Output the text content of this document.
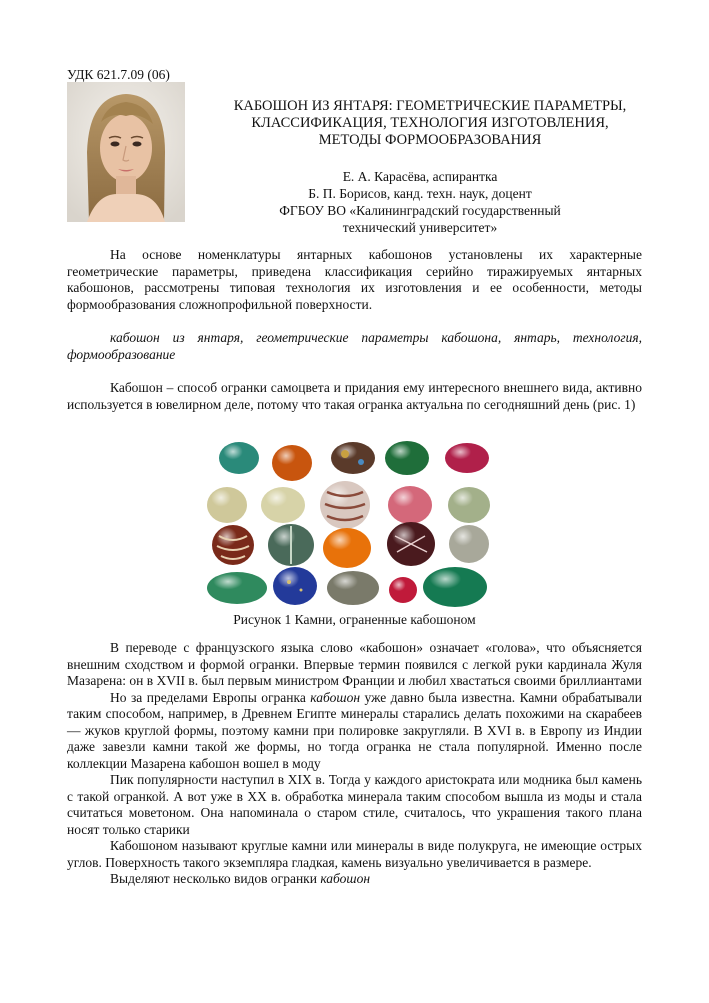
УДК 621.7.09 (06)
КАБОШОН ИЗ ЯНТАРЯ: ГЕОМЕТРИЧЕСКИЕ ПАРАМЕТРЫ,
КЛАССИФИКАЦИЯ, ТЕХНОЛОГИЯ ИЗГОТОВЛЕНИЯ,
МЕТОДЫ ФОРМООБРАЗОВАНИЯ
Е. А. Карасёва, аспирантка
Б. П. Борисов, канд. техн. наук, доцент
ФГБОУ ВО «Калининградский государственный
технический университет»
На основе номенклатуры янтарных кабошонов установлены их характерные геометрические параметры, приведена классификация серийно тиражируемых янтарных кабошонов, рассмотрены типовая технология их изготовления и ее особенности, методы формообразования сложнопрофильной поверхности.
кабошон из янтаря, геометрические параметры кабошона, янтарь, технология, формообразование
Кабошон – способ огранки самоцвета и придания ему интересного внешнего вида, активно используется в ювелирном деле, потому что такая огранка актуальна по сегодняшний день (рис. 1)
Рисунок 1 Камни, ограненные кабошоном

В переводе с французского языка слово «кабошон» означает «голова», что объясняется внешним сходством и формой огранки. Впервые термин появился с легкой руки кардинала Жуля Мазарена: он в XVII в. был первым министром Франции и любил хвастаться своими бриллиантами

Но за пределами Европы огранка кабошон уже давно была известна. Камни обрабатывали таким способом, например, в Древнем Египте минералы старались делать похожими на скарабеев — жуков круглой формы, поэтому камни при полировке закругляли. В XVI в. в Европу из Индии даже завезли камни такой же формы, но тогда огранка не стала популярной. Именно после коллекции Мазарена кабошон вошел в моду

Пик популярности наступил в XIX в. Тогда у каждого аристократа или модника был камень с такой огранкой. А вот уже в XX в. обработка минерала таким способом вышла из моды и стала считаться моветоном. Она напоминала о старом стиле, считалось, что украшения такого плана носят только старики

Кабошоном называют круглые камни или минералы в виде полукруга, не имеющие острых углов. Поверхность такого экземпляра гладкая, камень визуально увеличивается в размере.

Выделяют несколько видов огранки кабошон
